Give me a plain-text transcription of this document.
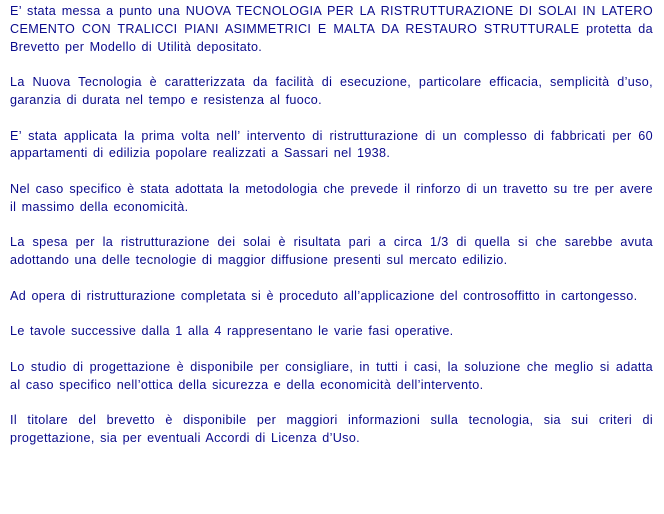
E’ stata messa a punto una NUOVA TECNOLOGIA PER LA RISTRUTTURAZIONE DI SOLAI IN LATERO CEMENTO CON TRALICCI PIANI ASIMMETRICI E MALTA DA RESTAURO STRUTTURALE protetta da Brevetto per Modello di Utilità depositato.

La Nuova Tecnologia è caratterizzata da facilità di esecuzione, particolare efficacia, semplicità d’uso, garanzia di durata nel tempo e resistenza al fuoco.

E’ stata applicata la prima volta nell’ intervento di ristrutturazione di un complesso di fabbricati per 60 appartamenti di edilizia popolare realizzati a Sassari nel 1938.

Nel caso specifico è stata adottata la metodologia che prevede il rinforzo di un travetto su tre per avere il massimo della economicità.

La spesa per la ristrutturazione dei solai è risultata pari a circa 1/3 di quella si che sarebbe avuta adottando una delle tecnologie di maggior diffusione presenti sul mercato edilizio.

Ad opera di ristrutturazione completata si è proceduto all’applicazione del controsoffitto in cartongesso.

Le tavole successive dalla 1 alla 4 rappresentano le varie fasi operative.

Lo studio di progettazione è disponibile per consigliare, in tutti i casi, la soluzione che meglio si adatta al caso specifico nell’ottica della sicurezza e della economicità dell’intervento.

Il titolare del brevetto è disponibile per maggiori informazioni sulla tecnologia, sia sui criteri di progettazione, sia per eventuali Accordi di Licenza d’Uso.
